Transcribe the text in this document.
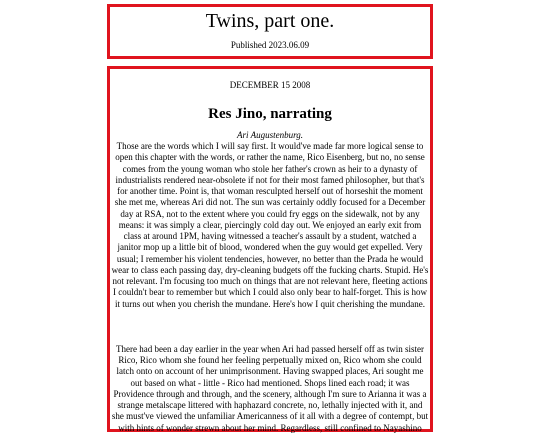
Twins, part one.
Published 2023.06.09
DECEMBER 15 2008
Res Jino, narrating
Ari Augustenburg.

Those are the words which I will say first. It would've made far more logical sense to open this chapter with the words, or rather the name, Rico Eisenberg, but no, no sense comes from the young woman who stole her father's crown as heir to a dynasty of industrialists rendered near-obsolete if not for their most famed philosopher, but that's for another time. Point is, that woman resculpted herself out of horseshit the moment she met me, whereas Ari did not. The sun was certainly oddly focused for a December day at RSA, not to the extent where you could fry eggs on the sidewalk, not by any means: it was simply a clear, piercingly cold day out. We enjoyed an early exit from class at around 1PM, having witnessed a teacher's assault by a student, watched a janitor mop up a little bit of blood, wondered when the guy would get expelled. Very usual; I remember his violent tendencies, however, no better than the Prada he would wear to class each passing day, dry-cleaning budgets off the fucking charts. Stupid. He's not relevant. I'm focusing too much on things that are not relevant here, fleeting actions I couldn't bear to remember but which I could also only bear to half-forget. This is how it turns out when you cherish the mundane. Here's how I quit cherishing the mundane.

There had been a day earlier in the year when Ari had passed herself off as twin sister Rico, Rico whom she found her feeling perpetually mixed on, Rico whom she could latch onto on account of her unimprisonment. Having swapped places, Ari sought me out based on what - little - Rico had mentioned. Shops lined each road; it was Providence through and through, and the scenery, although I'm sure to Arianna it was a strange metalscape littered with haphazard concrete, no, lethally injected with it, and she must've viewed the unfamiliar Americanness of it all with a degree of contempt, but with hints of wonder strewn about her mind. Regardless, still confined to Nayashino
